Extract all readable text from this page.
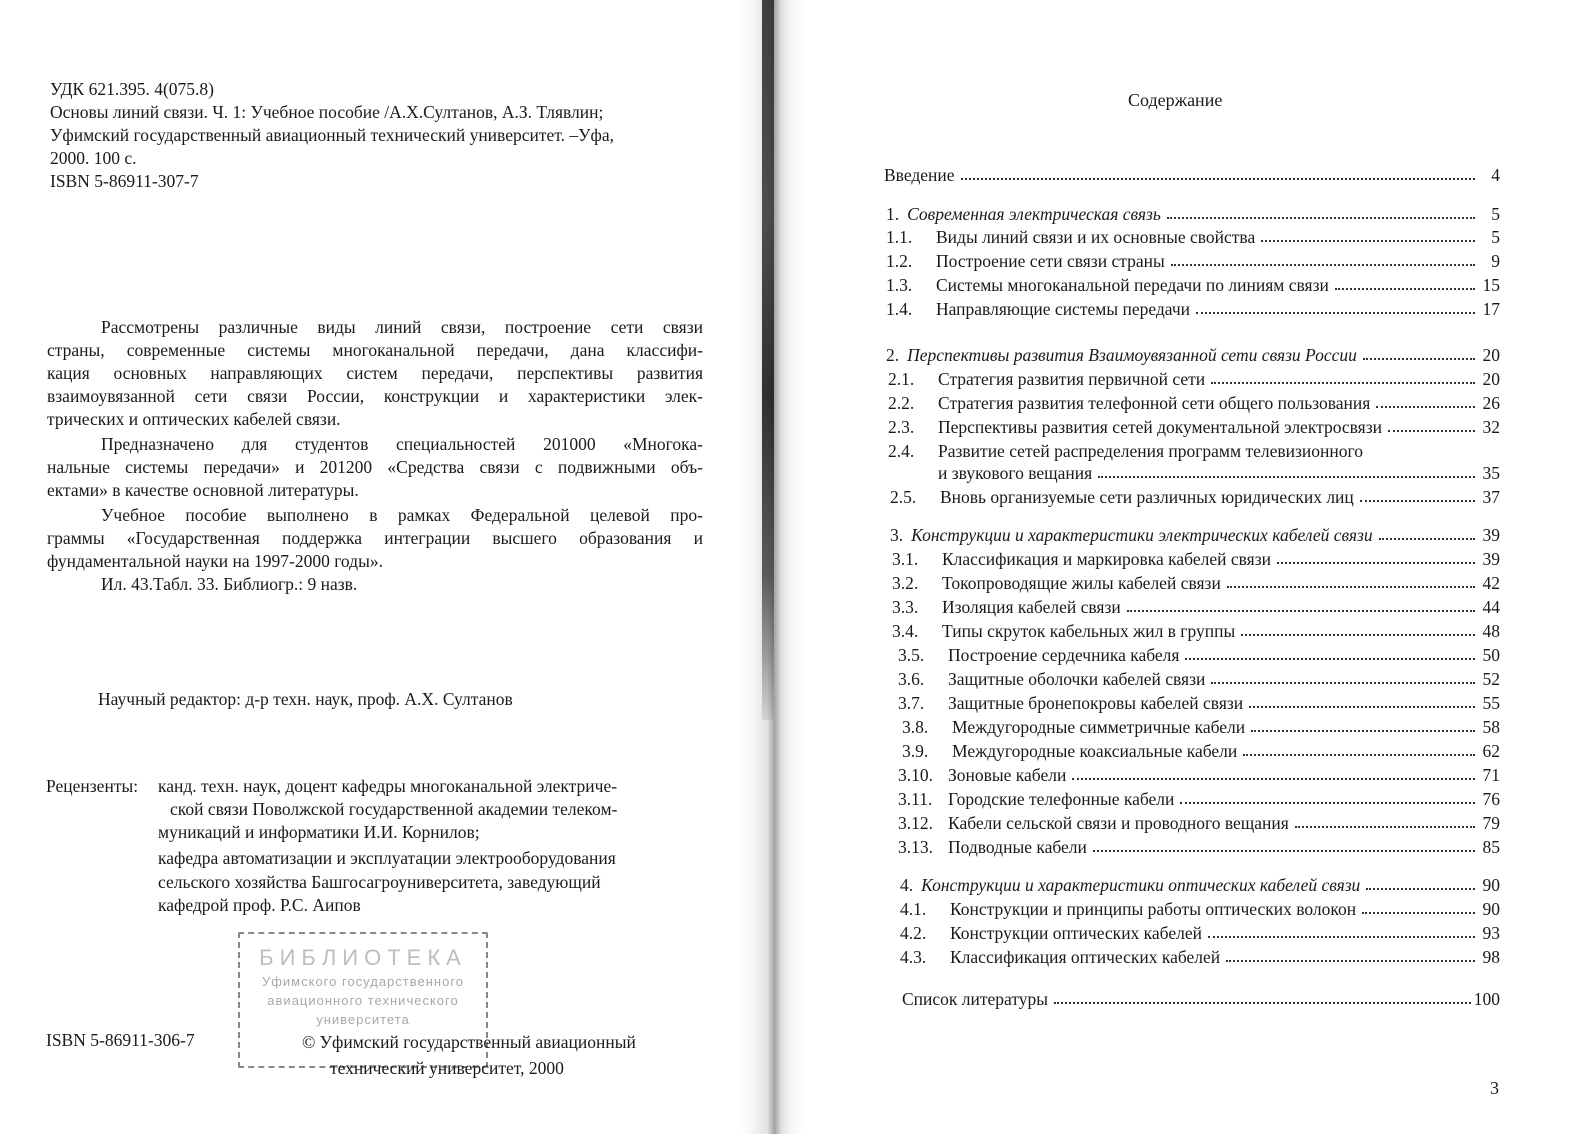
УДК 621.395. 4(075.8)
Основы линий связи. Ч. 1: Учебное пособие /А.Х.Султанов, А.З. Тлявлин;
Уфимский государственный авиационный технический университет. –Уфа,
2000. 100 с.
ISBN 5-86911-307-7
Рассмотрены различные виды линий связи, построение сети связи
страны, современные системы многоканальной передачи, дана классифи-
кация основных направляющих систем передачи, перспективы развития
взаимоувязанной сети связи России, конструкции и характеристики элек-
трических и оптических кабелей связи.
Предназначено для студентов специальностей 201000 «Многока-
нальные системы передачи» и 201200 «Средства связи с подвижными объ-
ектами» в качестве основной литературы.
Учебное пособие выполнено в рамках Федеральной целевой про-
граммы «Государственная поддержка интеграции высшего образования и
фундаментальной науки на 1997-2000 годы».
Ил. 43.Табл. 33. Библиогр.: 9 назв.
Научный редактор: д-р техн. наук, проф. А.Х. Султанов
Рецензенты: канд. техн. наук, доцент кафедры многоканальной электриче-
ской связи Поволжской государственной академии телеком-
муникаций и информатики И.И. Корнилов;
кафедра автоматизации и эксплуатации электрооборудования
сельского хозяйства Башгосагроуниверситета, заведующий
кафедрой проф. Р.С. Аипов
БИБЛИОТЕКА
Уфимского государственного
авиационного технического
университета
ISBN 5-86911-306-7	© Уфимский государственный авиационный
технический университет, 2000
Содержание
Введение	4
1. Современная электрическая связь	5
1.1.	Виды линий связи и их основные свойства	5
1.2.	Построение сети связи страны	9
1.3.	Системы многоканальной передачи по линиям связи	15
1.4.	Направляющие системы передачи	17
2. Перспективы развития Взаимоувязанной сети связи России	20
2.1.	Стратегия развития первичной сети	20
2.2.	Стратегия развития телефонной сети общего пользования	26
2.3.	Перспективы развития сетей документальной электросвязи	32
2.4.	Развитие сетей распределения программ телевизионного
и звукового вещания	35
2.5.	Вновь организуемые сети различных юридических лиц	37
3. Конструкции и характеристики электрических кабелей связи	39
3.1.	Классификация и маркировка кабелей связи	39
3.2.	Токопроводящие жилы кабелей связи	42
3.3.	Изоляция кабелей связи	44
3.4.	Типы скруток кабельных жил в группы	48
3.5.	Построение сердечника кабеля	50
3.6.	Защитные оболочки кабелей связи	52
3.7.	Защитные бронепокровы кабелей связи	55
3.8.	Междугородные симметричные кабели	58
3.9.	Междугородные коаксиальные кабели	62
3.10. Зоновые кабели	71
3.11. Городские телефонные кабели	76
3.12. Кабели сельской связи и проводного вещания	79
3.13. Подводные кабели	85
4. Конструкции и характеристики оптических кабелей связи	90
4.1.	Конструкции и принципы работы оптических волокон	90
4.2.	Конструкции оптических кабелей	93
4.3.	Классификация оптических кабелей	98
Список литературы	100
3
